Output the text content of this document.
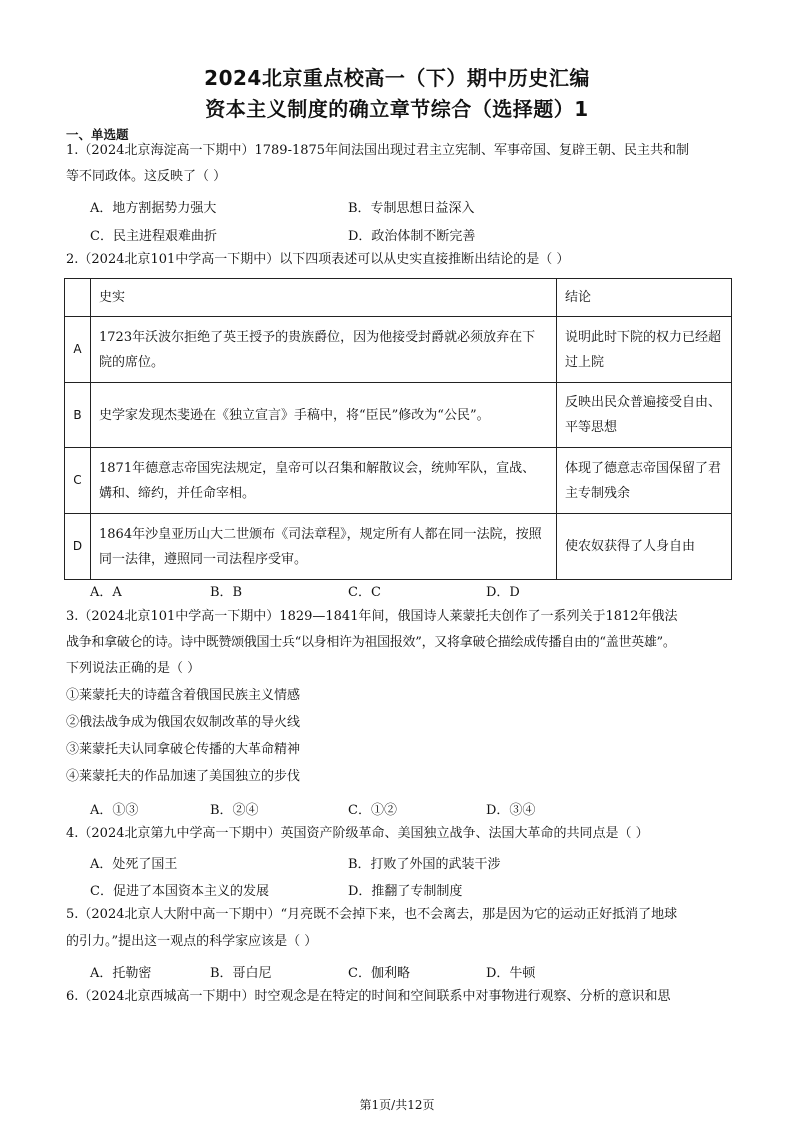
2024北京重点校高一（下）期中历史汇编
资本主义制度的确立章节综合（选择题）1
一、单选题
1.（2024北京海淀高一下期中）1789-1875年间法国出现过君主立宪制、军事帝国、复辟王朝、民主共和制
等不同政体。这反映了（ ）
A．地方割据势力强大	B．专制思想日益深入
C．民主进程艰难曲折	D．政治体制不断完善
2.（2024北京101中学高一下期中）以下四项表述可以从史实直接推断出结论的是（ ）
	史实	结论
A	1723年沃波尔拒绝了英王授予的贵族爵位，因为他接受封爵就必须放弃在下院的席位。	说明此时下院的权力已经超过上院
B	史学家发现杰斐逊在《独立宣言》手稿中，将“臣民”修改为“公民”。	反映出民众普遍接受自由、平等思想
C	1871年德意志帝国宪法规定，皇帝可以召集和解散议会，统帅军队，宣战、媾和、缔约，并任命宰相。	体现了德意志帝国保留了君主专制残余
D	1864年沙皇亚历山大二世颁布《司法章程》，规定所有人都在同一法院，按照同一法律，遵照同一司法程序受审。	使农奴获得了人身自由
A．A	B．B	C．C	D．D
3.（2024北京101中学高一下期中）1829—1841年间，俄国诗人莱蒙托夫创作了一系列关于1812年俄法
战争和拿破仑的诗。诗中既赞颂俄国士兵“以身相许为祖国报效”，又将拿破仑描绘成传播自由的“盖世英雄”。
下列说法正确的是（ ）
①莱蒙托夫的诗蕴含着俄国民族主义情感
②俄法战争成为俄国农奴制改革的导火线
③莱蒙托夫认同拿破仑传播的大革命精神
④莱蒙托夫的作品加速了美国独立的步伐
A．①③	B．②④	C．①②	D．③④
4.（2024北京第九中学高一下期中）英国资产阶级革命、美国独立战争、法国大革命的共同点是（ ）
A．处死了国王	B．打败了外国的武装干涉
C．促进了本国资本主义的发展	D．推翻了专制制度
5.（2024北京人大附中高一下期中）“月亮既不会掉下来，也不会离去，那是因为它的运动正好抵消了地球
的引力。”提出这一观点的科学家应该是（ ）
A．托勒密	B．哥白尼	C．伽利略	D．牛顿
6.（2024北京西城高一下期中）时空观念是在特定的时间和空间联系中对事物进行观察、分析的意识和思
第1页/共12页
